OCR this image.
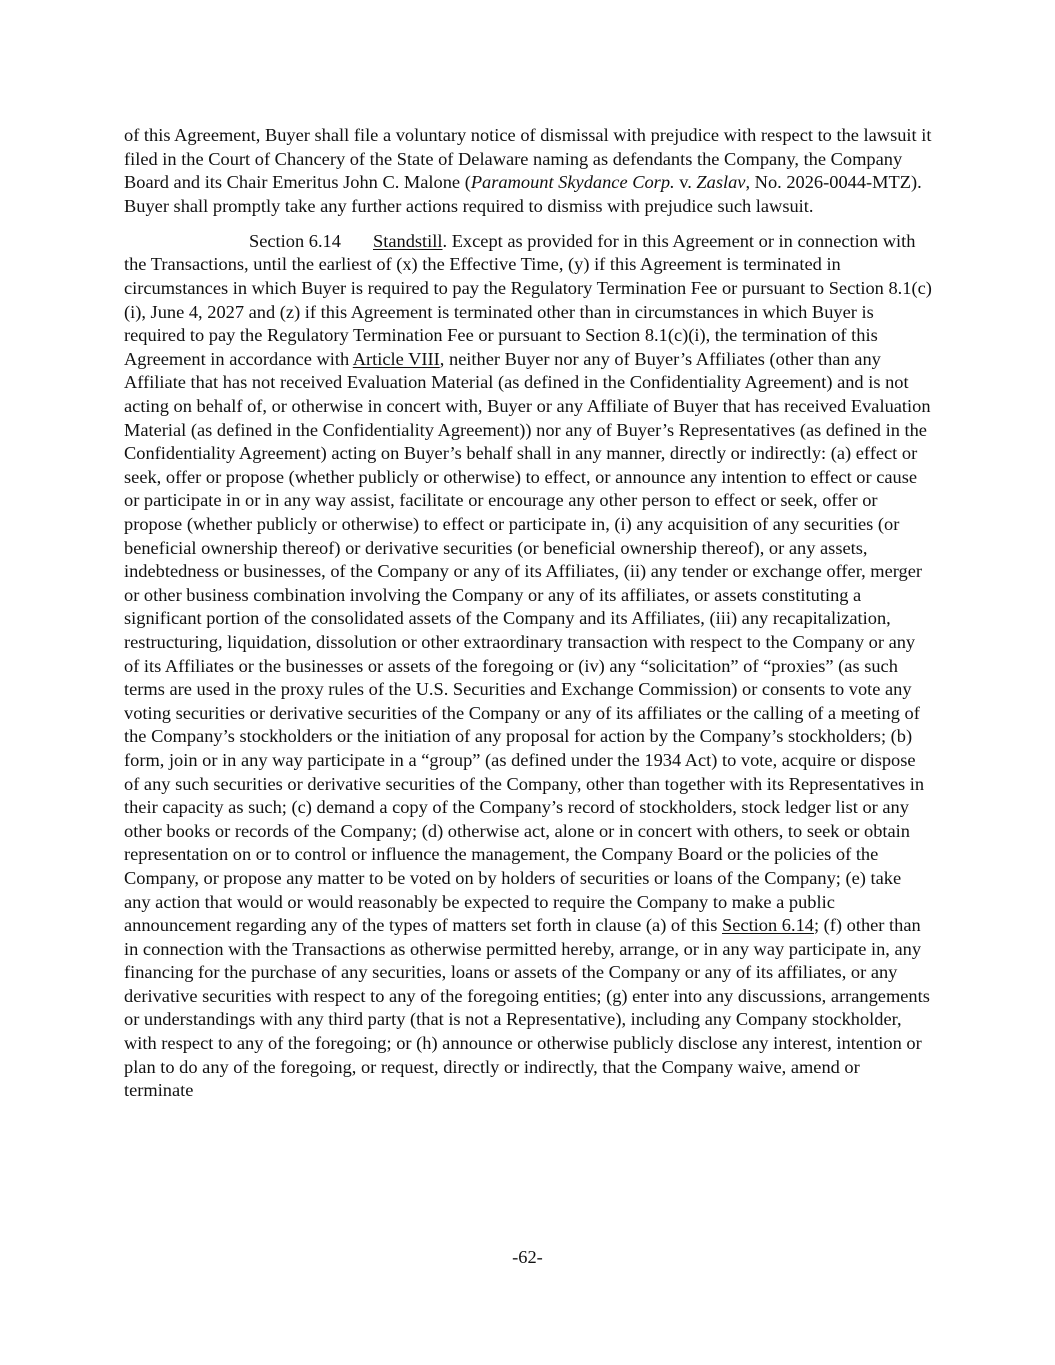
of this Agreement, Buyer shall file a voluntary notice of dismissal with prejudice with respect to the lawsuit it filed in the Court of Chancery of the State of Delaware naming as defendants the Company, the Company Board and its Chair Emeritus John C. Malone (Paramount Skydance Corp. v. Zaslav, No. 2026-0044-MTZ). Buyer shall promptly take any further actions required to dismiss with prejudice such lawsuit.

Section 6.14 Standstill. Except as provided for in this Agreement or in connection with the Transactions, until the earliest of (x) the Effective Time, (y) if this Agreement is terminated in circumstances in which Buyer is required to pay the Regulatory Termination Fee or pursuant to Section 8.1(c)(i), June 4, 2027 and (z) if this Agreement is terminated other than in circumstances in which Buyer is required to pay the Regulatory Termination Fee or pursuant to Section 8.1(c)(i), the termination of this Agreement in accordance with Article VIII, neither Buyer nor any of Buyer’s Affiliates (other than any Affiliate that has not received Evaluation Material (as defined in the Confidentiality Agreement) and is not acting on behalf of, or otherwise in concert with, Buyer or any Affiliate of Buyer that has received Evaluation Material (as defined in the Confidentiality Agreement)) nor any of Buyer’s Representatives (as defined in the Confidentiality Agreement) acting on Buyer’s behalf shall in any manner, directly or indirectly: (a) effect or seek, offer or propose (whether publicly or otherwise) to effect, or announce any intention to effect or cause or participate in or in any way assist, facilitate or encourage any other person to effect or seek, offer or propose (whether publicly or otherwise) to effect or participate in, (i) any acquisition of any securities (or beneficial ownership thereof) or derivative securities (or beneficial ownership thereof), or any assets, indebtedness or businesses, of the Company or any of its Affiliates, (ii) any tender or exchange offer, merger or other business combination involving the Company or any of its affiliates, or assets constituting a significant portion of the consolidated assets of the Company and its Affiliates, (iii) any recapitalization, restructuring, liquidation, dissolution or other extraordinary transaction with respect to the Company or any of its Affiliates or the businesses or assets of the foregoing or (iv) any “solicitation” of “proxies” (as such terms are used in the proxy rules of the U.S. Securities and Exchange Commission) or consents to vote any voting securities or derivative securities of the Company or any of its affiliates or the calling of a meeting of the Company’s stockholders or the initiation of any proposal for action by the Company’s stockholders; (b) form, join or in any way participate in a “group” (as defined under the 1934 Act) to vote, acquire or dispose of any such securities or derivative securities of the Company, other than together with its Representatives in their capacity as such; (c) demand a copy of the Company’s record of stockholders, stock ledger list or any other books or records of the Company; (d) otherwise act, alone or in concert with others, to seek or obtain representation on or to control or influence the management, the Company Board or the policies of the Company, or propose any matter to be voted on by holders of securities or loans of the Company; (e) take any action that would or would reasonably be expected to require the Company to make a public announcement regarding any of the types of matters set forth in clause (a) of this Section 6.14; (f) other than in connection with the Transactions as otherwise permitted hereby, arrange, or in any way participate in, any financing for the purchase of any securities, loans or assets of the Company or any of its affiliates, or any derivative securities with respect to any of the foregoing entities; (g) enter into any discussions, arrangements or understandings with any third party (that is not a Representative), including any Company stockholder, with respect to any of the foregoing; or (h) announce or otherwise publicly disclose any interest, intention or plan to do any of the foregoing, or request, directly or indirectly, that the Company waive, amend or terminate

-62-
